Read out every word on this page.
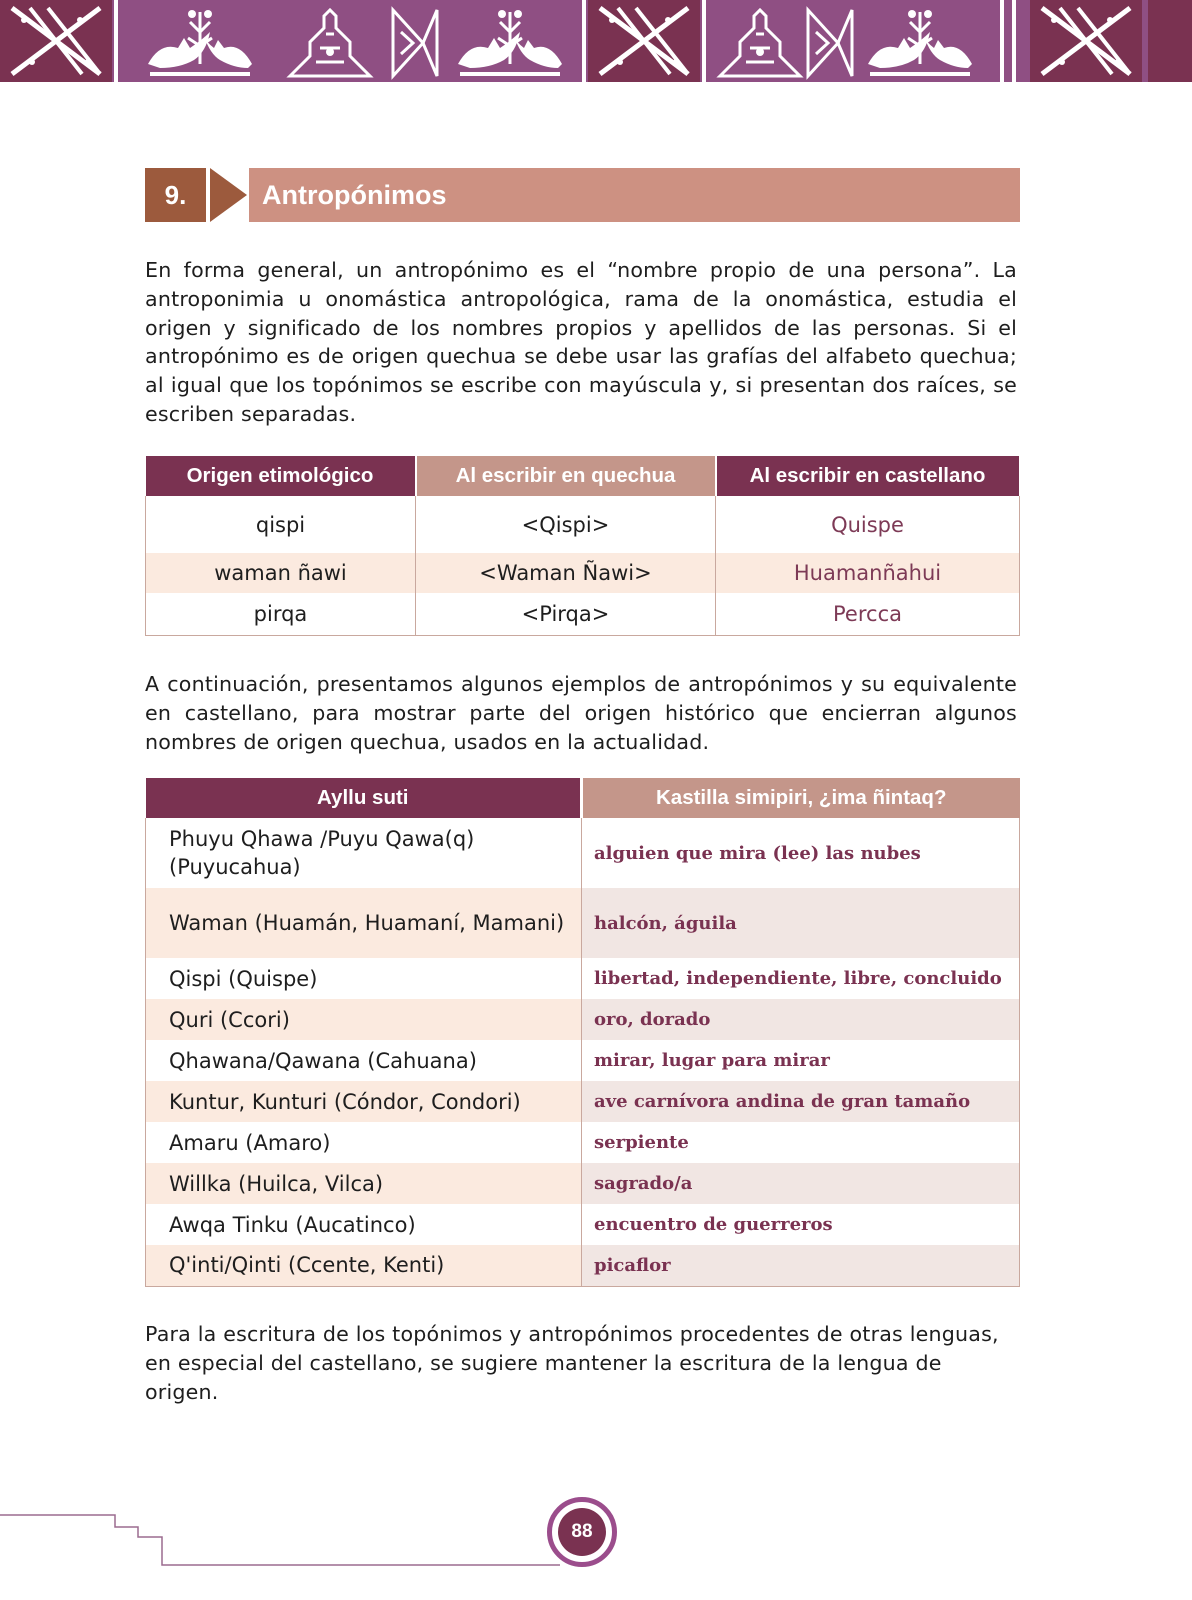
9.	Antropónimos

En forma general, un antropónimo es el “nombre propio de una persona”. La antroponimia u onomástica antropológica, rama de la onomástica, estudia el origen y significado de los nombres propios y apellidos de las personas. Si el antropónimo es de origen quechua se debe usar las grafías del alfabeto quechua; al igual que los topónimos se escribe con mayúscula y, si presentan dos raíces, se escriben separadas.

Origen etimológico	Al escribir en quechua	Al escribir en castellano
qispi	<Qispi>	Quispe
waman ñawi	<Waman Ñawi>	Huamanñahui
pirqa	<Pirqa>	Percca

A continuación, presentamos algunos ejemplos de antropónimos y su equivalente en castellano, para mostrar parte del origen histórico que encierran algunos nombres de origen quechua, usados en la actualidad.

Ayllu suti	Kastilla simipiri, ¿ima ñintaq?
Phuyu Qhawa /Puyu Qawa(q) (Puyucahua)	alguien que mira (lee) las nubes
Waman (Huamán, Huamaní, Mamani)	halcón, águila
Qispi (Quispe)	libertad, independiente, libre, concluido
Quri (Ccori)	oro, dorado
Qhawana/Qawana (Cahuana)	mirar, lugar para mirar
Kuntur, Kunturi (Cóndor, Condori)	ave carnívora andina de gran tamaño
Amaru (Amaro)	serpiente
Willka (Huilca, Vilca)	sagrado/a
Awqa Tinku (Aucatinco)	encuentro de guerreros
Q'inti/Qinti (Ccente, Kenti)	picaflor

Para la escritura de los topónimos y antropónimos procedentes de otras lenguas, en especial del castellano, se sugiere mantener la escritura de la lengua de origen.

88
